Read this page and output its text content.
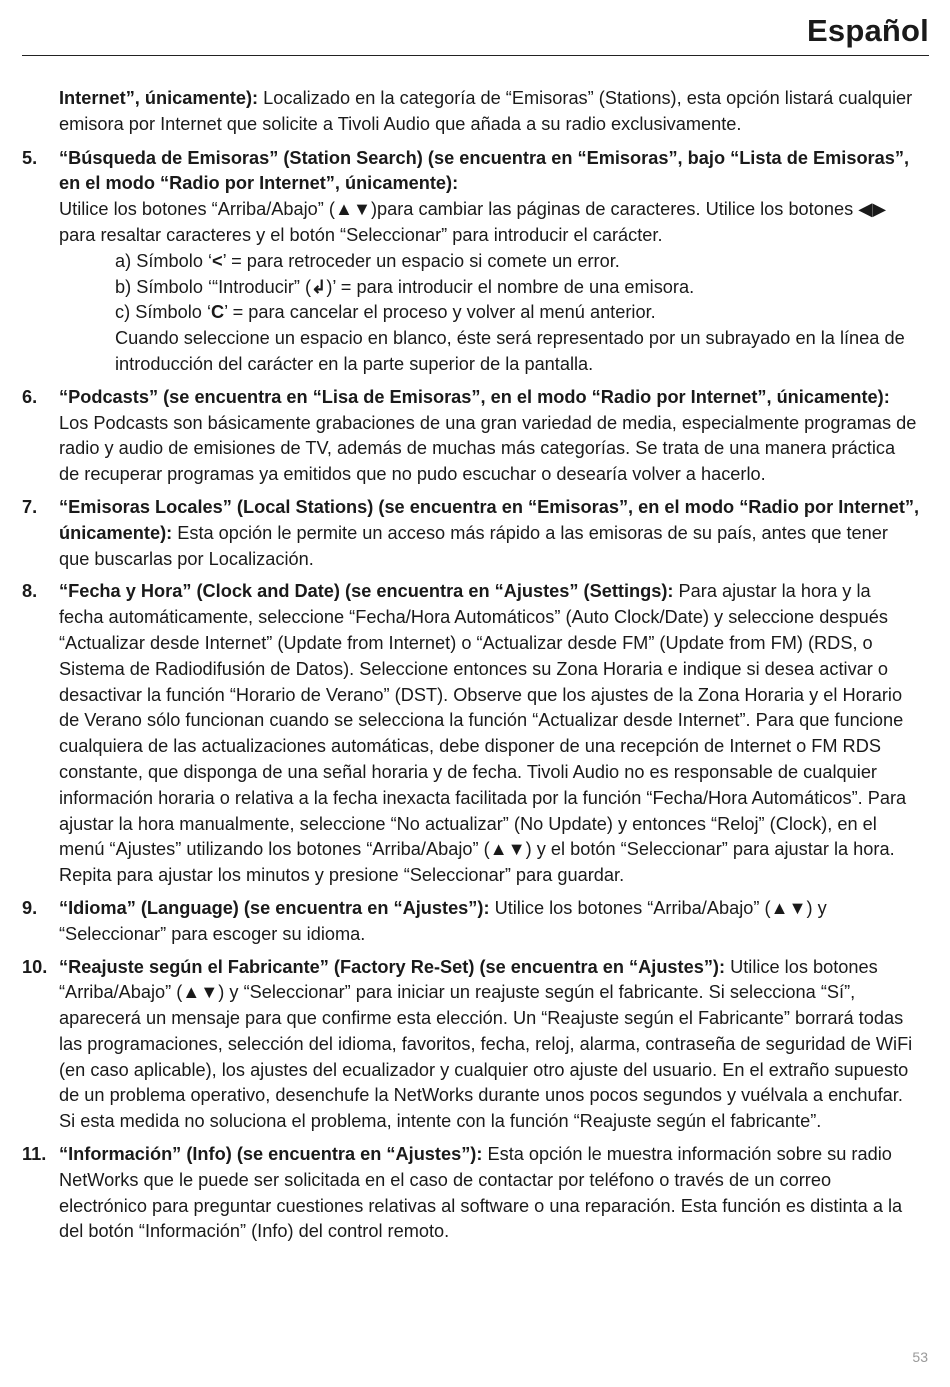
Español

Internet”, únicamente): Localizado en la categoría de “Emisoras” (Stations), esta opción listará cualquier emisora por Internet que solicite a Tivoli Audio que añada a su radio exclusivamente.

5. “Búsqueda de Emisoras” (Station Search) (se encuentra en “Emisoras”, bajo “Lista de Emisoras”, en el modo “Radio por Internet”, únicamente):
Utilice los botones “Arriba/Abajo” (▲▼)para cambiar las páginas de caracteres. Utilice los botones ◀▶ para resaltar caracteres y el botón “Seleccionar” para introducir el carácter.
a) Símbolo ‘<’ = para retroceder un espacio si comete un error.
b) Símbolo ‘“Introducir” (↲)’ = para introducir el nombre de una emisora.
c) Símbolo ‘C’ = para cancelar el proceso y volver al menú anterior.
Cuando seleccione un espacio en blanco, éste será representado por un subrayado en la línea de introducción del carácter en la parte superior de la pantalla.

6. “Podcasts” (se encuentra en “Lisa de Emisoras”, en el modo “Radio por Internet”, únicamente): Los Podcasts son básicamente grabaciones de una gran variedad de media, especialmente programas de radio y audio de emisiones de TV, además de muchas más categorías. Se trata de una manera práctica de recuperar programas ya emitidos que no pudo escuchar o desearía volver a hacerlo.

7. “Emisoras Locales” (Local Stations) (se encuentra en “Emisoras”, en el modo “Radio por Internet”, únicamente): Esta opción le permite un acceso más rápido a las emisoras de su país, antes que tener que buscarlas por Localización.

8. “Fecha y Hora” (Clock and Date) (se encuentra en “Ajustes” (Settings): Para ajustar la hora y la fecha automáticamente, seleccione “Fecha/Hora Automáticos” (Auto Clock/Date) y seleccione después “Actualizar desde Internet” (Update from Internet) o “Actualizar desde FM” (Update from FM) (RDS, o Sistema de Radiodifusión de Datos). Seleccione entonces su Zona Horaria e indique si desea activar o desactivar la función “Horario de Verano” (DST). Observe que los ajustes de la Zona Horaria y el Horario de Verano sólo funcionan cuando se selecciona la función “Actualizar desde Internet”. Para que funcione cualquiera de las actualizaciones automáticas, debe disponer de una recepción de Internet o FM RDS constante, que disponga de una señal horaria y de fecha. Tivoli Audio no es responsable de cualquier información horaria o relativa a la fecha inexacta facilitada por la función “Fecha/Hora Automáticos”. Para ajustar la hora manualmente, seleccione “No actualizar” (No Update) y entonces “Reloj” (Clock), en el menú “Ajustes” utilizando los botones “Arriba/Abajo” (▲▼) y el botón “Seleccionar” para ajustar la hora. Repita para ajustar los minutos y presione “Seleccionar” para guardar.

9. “Idioma” (Language) (se encuentra en “Ajustes”): Utilice los botones “Arriba/Abajo” (▲▼) y “Seleccionar” para escoger su idioma.

10. “Reajuste según el Fabricante” (Factory Re-Set) (se encuentra en “Ajustes”): Utilice los botones “Arriba/Abajo” (▲▼) y “Seleccionar” para iniciar un reajuste según el fabricante. Si selecciona “Sí”, aparecerá un mensaje para que confirme esta elección. Un “Reajuste según el Fabricante” borrará todas las programaciones, selección del idioma, favoritos, fecha, reloj, alarma, contraseña de seguridad de WiFi (en caso aplicable), los ajustes del ecualizador y cualquier otro ajuste del usuario. En el extraño supuesto de un problema operativo, desenchufe la NetWorks durante unos pocos segundos y vuélvala a enchufar. Si esta medida no soluciona el problema, intente con la función “Reajuste según el fabricante”.

11. “Información” (Info) (se encuentra en “Ajustes”): Esta opción le muestra información sobre su radio NetWorks que le puede ser solicitada en el caso de contactar por teléfono o través de un correo electrónico para preguntar cuestiones relativas al software o una reparación. Esta función es distinta a la del botón “Información” (Info) del control remoto.

53
